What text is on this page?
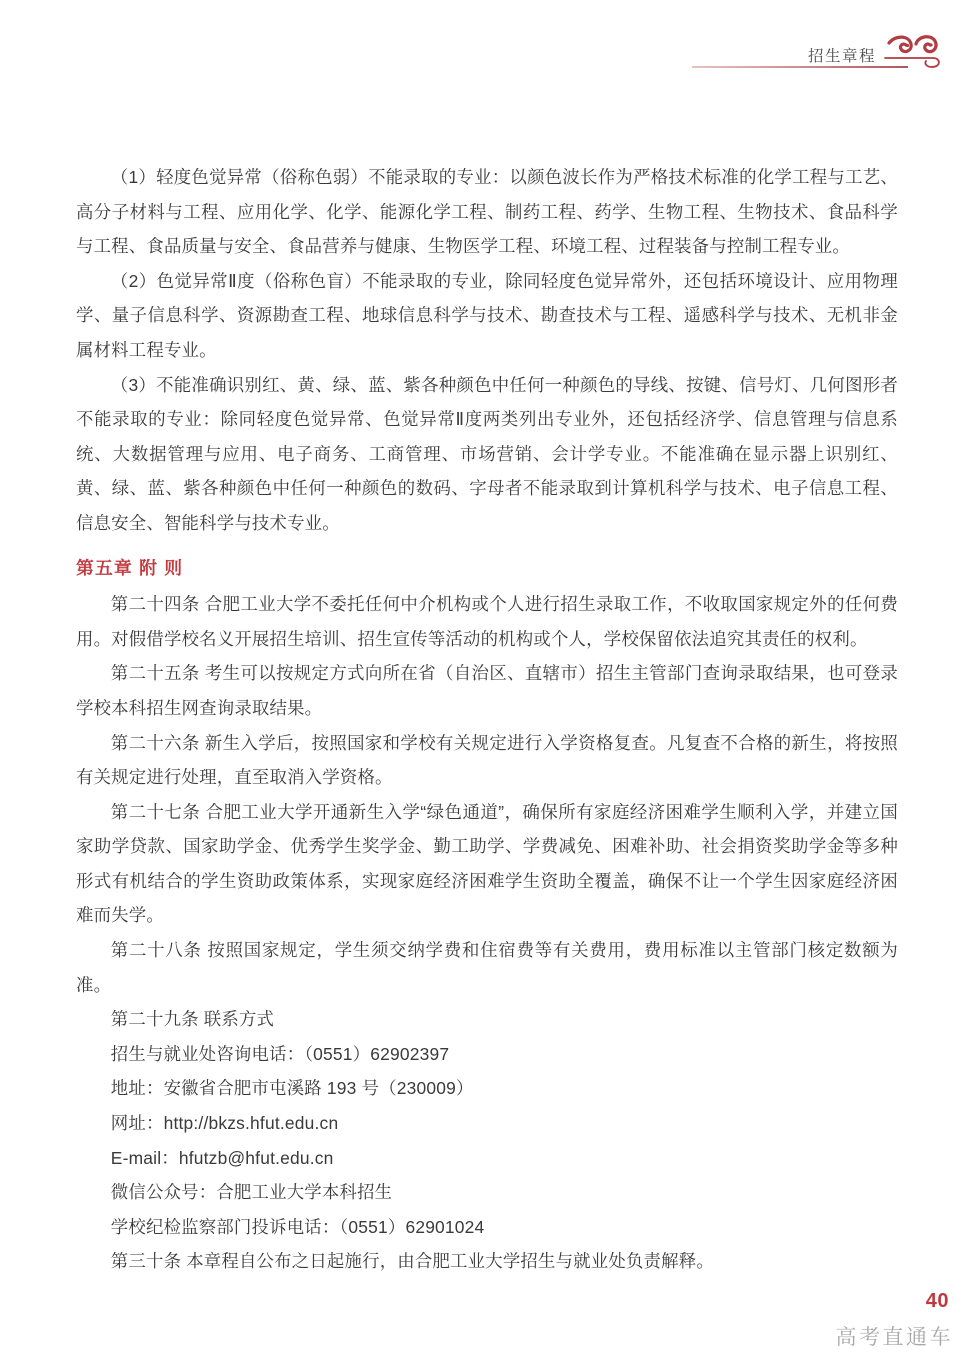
招生章程

（1）轻度色觉异常（俗称色弱）不能录取的专业：以颜色波长作为严格技术标准的化学工程与工艺、高分子材料与工程、应用化学、化学、能源化学工程、制药工程、药学、生物工程、生物技术、食品科学与工程、食品质量与安全、食品营养与健康、生物医学工程、环境工程、过程装备与控制工程专业。

（2）色觉异常Ⅱ度（俗称色盲）不能录取的专业，除同轻度色觉异常外，还包括环境设计、应用物理学、量子信息科学、资源勘查工程、地球信息科学与技术、勘查技术与工程、遥感科学与技术、无机非金属材料工程专业。

（3）不能准确识别红、黄、绿、蓝、紫各种颜色中任何一种颜色的导线、按键、信号灯、几何图形者不能录取的专业：除同轻度色觉异常、色觉异常Ⅱ度两类列出专业外，还包括经济学、信息管理与信息系统、大数据管理与应用、电子商务、工商管理、市场营销、会计学专业。不能准确在显示器上识别红、黄、绿、蓝、紫各种颜色中任何一种颜色的数码、字母者不能录取到计算机科学与技术、电子信息工程、信息安全、智能科学与技术专业。

第五章 附 则

第二十四条 合肥工业大学不委托任何中介机构或个人进行招生录取工作，不收取国家规定外的任何费用。对假借学校名义开展招生培训、招生宣传等活动的机构或个人，学校保留依法追究其责任的权利。

第二十五条 考生可以按规定方式向所在省（自治区、直辖市）招生主管部门查询录取结果，也可登录学校本科招生网查询录取结果。

第二十六条 新生入学后，按照国家和学校有关规定进行入学资格复查。凡复查不合格的新生，将按照有关规定进行处理，直至取消入学资格。

第二十七条 合肥工业大学开通新生入学“绿色通道”，确保所有家庭经济困难学生顺利入学，并建立国家助学贷款、国家助学金、优秀学生奖学金、勤工助学、学费减免、困难补助、社会捐资奖助学金等多种形式有机结合的学生资助政策体系，实现家庭经济困难学生资助全覆盖，确保不让一个学生因家庭经济困难而失学。

第二十八条 按照国家规定，学生须交纳学费和住宿费等有关费用，费用标准以主管部门核定数额为准。

第二十九条 联系方式

招生与就业处咨询电话：（0551）62902397

地址：安徽省合肥市屯溪路 193 号（230009）

网址：http://bkzs.hfut.edu.cn

E-mail：hfutzb@hfut.edu.cn

微信公众号：合肥工业大学本科招生

学校纪检监察部门投诉电话：（0551）62901024

第三十条 本章程自公布之日起施行，由合肥工业大学招生与就业处负责解释。

40
高考直通车
